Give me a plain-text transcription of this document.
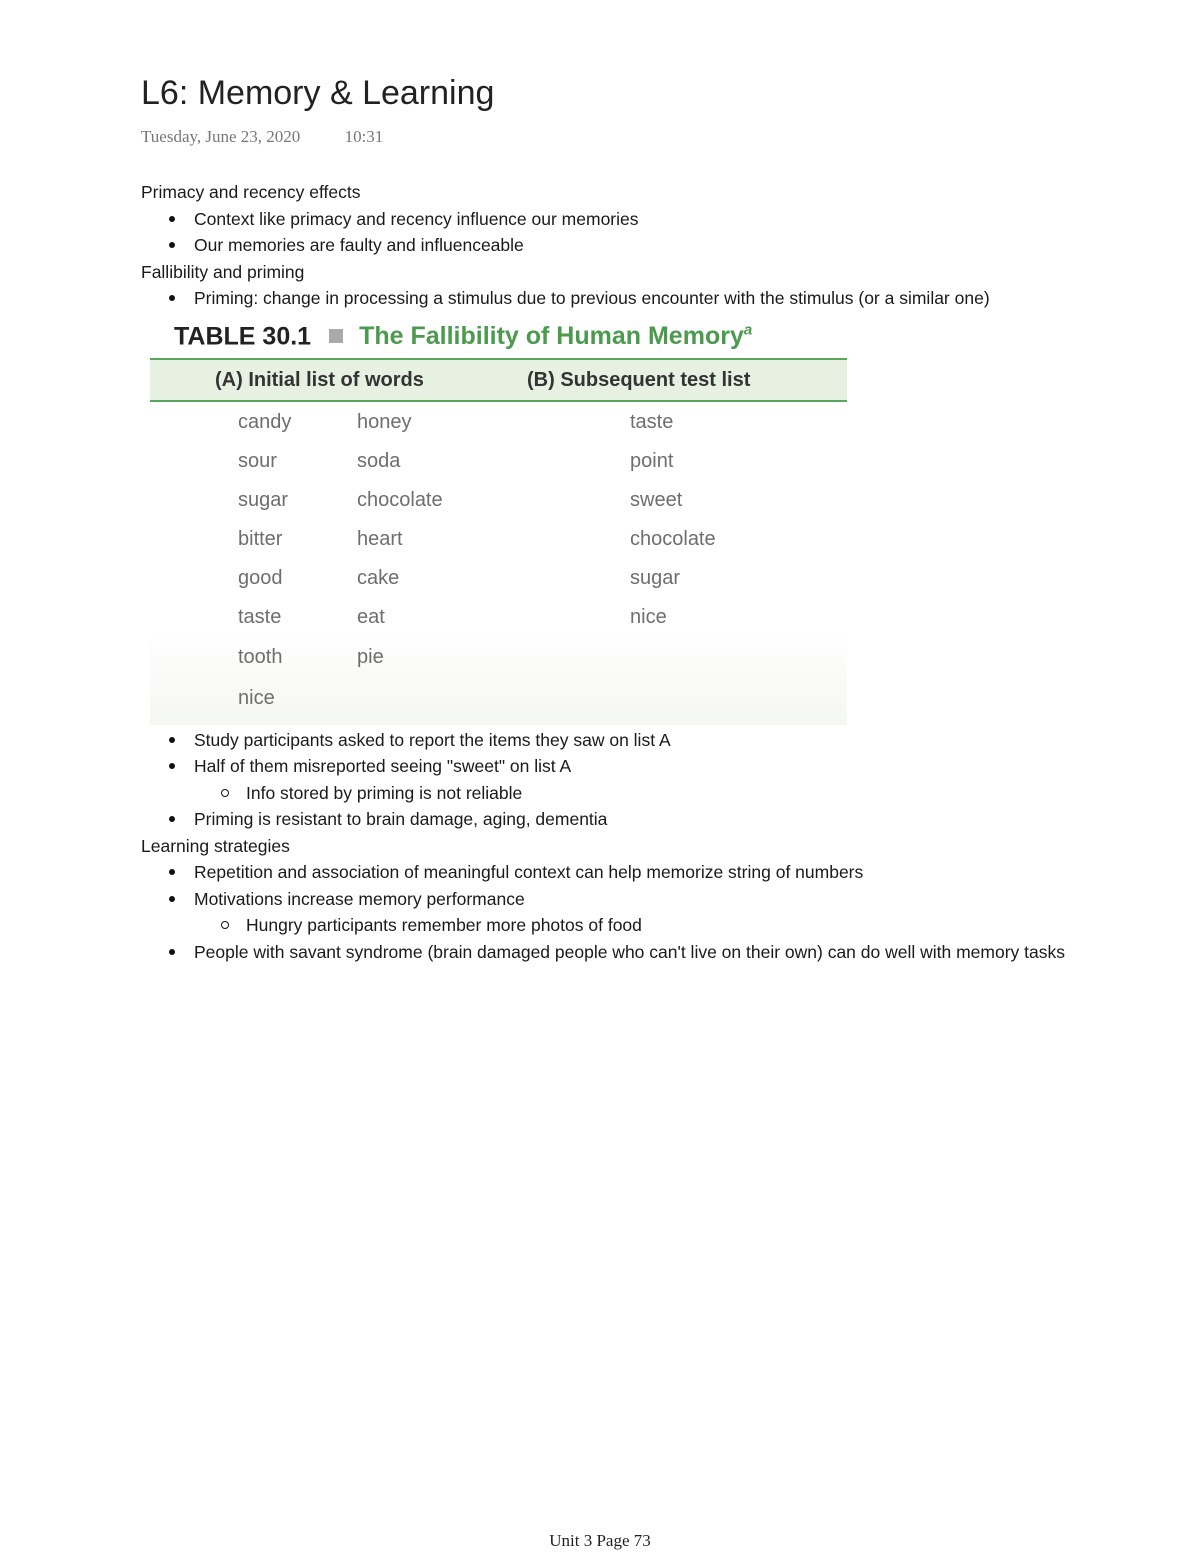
L6: Memory & Learning
Tuesday, June 23, 2020	10:31

Primacy and recency effects

Context like primacy and recency influence our memories
Our memories are faulty and influenceable

Fallibility and priming

Priming: change in processing a stimulus due to previous encounter with the stimulus (or a similar one)
TABLE 30.1 The Fallibility of Human Memory$^a$
(A) Initial list of words	(B) Subsequent test list
candy
sour
sugar
bitter
good
taste
tooth
nice
honey
soda
chocolate
heart
cake
eat
pie
taste
point
sweet
chocolate
sugar
nice
Study participants asked to report the items they saw on list A
Half of them misreported seeing "sweet" on list A
Info stored by priming is not reliable
Priming is resistant to brain damage, aging, dementia

Learning strategies

Repetition and association of meaningful context can help memorize string of numbers
Motivations increase memory performance
Hungry participants remember more photos of food
People with savant syndrome (brain damaged people who can't live on their own) can do well with memory tasks
Unit 3 Page 73
